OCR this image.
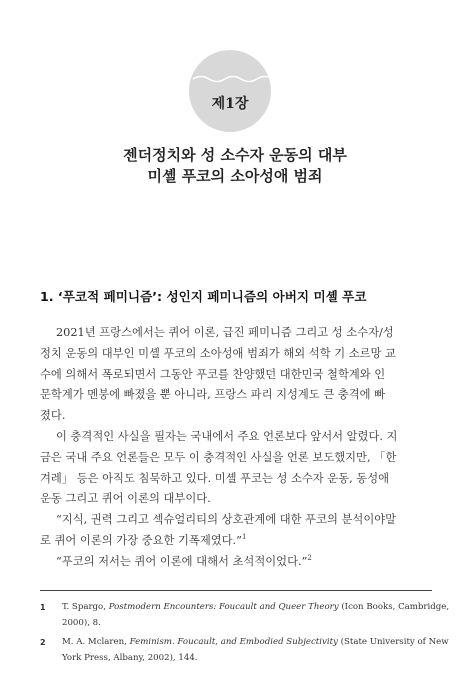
제1장
젠더정치와 성 소수자 운동의 대부
미셸 푸코의 소아성애 범죄
1. ‘푸코적 페미니즘’: 성인지 페미니즘의 아버지 미셸 푸코
2021년 프랑스에서는 퀴어 이론, 급진 페미니즘 그리고 성 소수자/성
정치 운동의 대부인 미셸 푸코의 소아성애 범죄가 해외 석학 기 소르망 교
수에 의해서 폭로되면서 그동안 푸코를 찬양했던 대한민국 철학계와 인
문학계가 멘붕에 빠졌을 뿐 아니라, 프랑스 파리 지성계도 큰 충격에 빠
졌다.
이 충격적인 사실을 필자는 국내에서 주요 언론보다 앞서서 알렸다. 지
금은 국내 주요 언론들은 모두 이 충격적인 사실을 언론 보도했지만, 「한
겨레」 등은 아직도 침묵하고 있다. 미셸 푸코는 성 소수자 운동, 동성애
운동 그리고 퀴어 이론의 대부이다.
“지식, 권력 그리고 섹슈얼리티의 상호관계에 대한 푸코의 분석이야말
로 퀴어 이론의 가장 중요한 기폭제였다.”$^1$
“푸코의 저서는 퀴어 이론에 대해서 초석적이었다.”$^2$
1 T. Spargo, Postmodern Encounters: Foucault and Queer Theory (Icon Books, Cambridge,
2000), 8.
2 M. A. Mclaren, Feminism. Foucault, and Embodied Subjectivity (State University of New
York Press, Albany, 2002), 144.
